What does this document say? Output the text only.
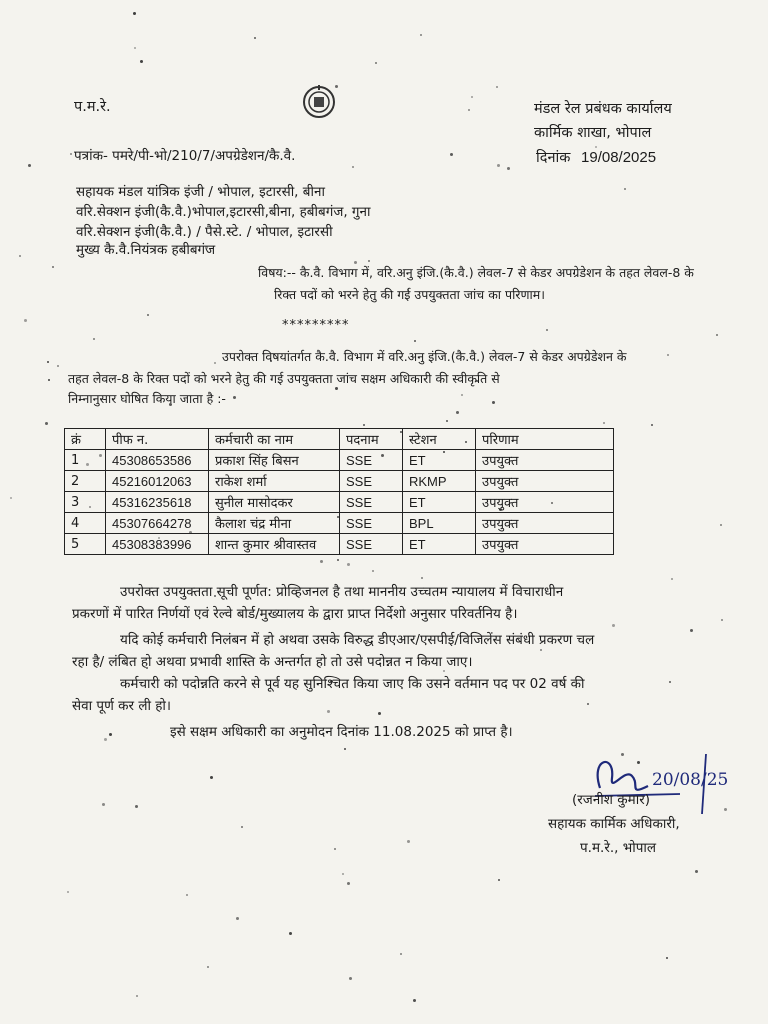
प.म.रे.	मंडल रेल प्रबंधक कार्यालय
कार्मिक शाखा, भोपाल
पत्रांक- पमरे/पी-भो/210/7/अपग्रेडेशन/कै.वै.	दिनांक 19/08/2025
सहायक मंडल यांत्रिक इंजी / भोपाल, इटारसी, बीना
वरि.सेक्शन इंजी(कै.वै.)भोपाल,इटारसी,बीना, हबीबगंज, गुना
वरि.सेक्शन इंजी(कै.वै.) / पैसे.स्टे. / भोपाल, इटारसी
मुख्य कै.वै.नियंत्रक हबीबगंज
विषय:-- कै.वै. विभाग में, वरि.अनु इंजि.(कै.वै.) लेवल-7 से केडर अपग्रेडेशन के तहत लेवल-8 के
रिक्त पदों को भरने हेतु की गई उपयुक्तता जांच का परिणाम।
*********
उपरोक्त विषयांतर्गत कै.वै. विभाग में वरि.अनु इंजि.(कै.वै.) लेवल-7 से केडर अपग्रेडेशन के
तहत लेवल-8 के रिक्त पदों को भरने हेतु की गई उपयुक्तता जांच सक्षम अधिकारी की स्वीकृति से
निम्नानुसार घोषित किया जाता है :-
क्रं	पीफ न.	कर्मचारी का नाम	पदनाम	स्टेशन	परिणाम
1	45308653586	प्रकाश सिंह बिसन	SSE	ET	उपयुक्त
2	45216012063	राकेश शर्मा	SSE	RKMP	उपयुक्त
3	45316235618	सुनील मासोदकर	SSE	ET	उपयुक्त
4	45307664278	कैलाश चंद्र मीना	SSE	BPL	उपयुक्त
5	45308383996	शान्त कुमार श्रीवास्तव	SSE	ET	उपयुक्त
उपरोक्त उपयुक्तता सूची पूर्णत: प्रोव्हिजनल है तथा माननीय उच्चतम न्यायालय में विचाराधीन
प्रकरणों में पारित निर्णयों एवं रेल्वे बोर्ड/मुख्यालय के द्वारा प्राप्त निर्देशो अनुसार परिवर्तनिय है।
यदि कोई कर्मचारी निलंबन में हो अथवा उसके विरुद्ध डीएआर/एसपीई/विजिलेंस संबंधी प्रकरण चल
रहा है/ लंबित हो अथवा प्रभावी शास्ति के अन्तर्गत हो तो उसे पदोन्नत न किया जाए।
कर्मचारी को पदोन्नति करने से पूर्व यह सुनिश्चित किया जाए कि उसने वर्तमान पद पर 02 वर्ष की
सेवा पूर्ण कर ली हो।
इसे सक्षम अधिकारी का अनुमोदन दिनांक 11.08.2025 को प्राप्त है।
20/08/25
(रजनीश कुमार)
सहायक कार्मिक अधिकारी,
प.म.रे., भोपाल
